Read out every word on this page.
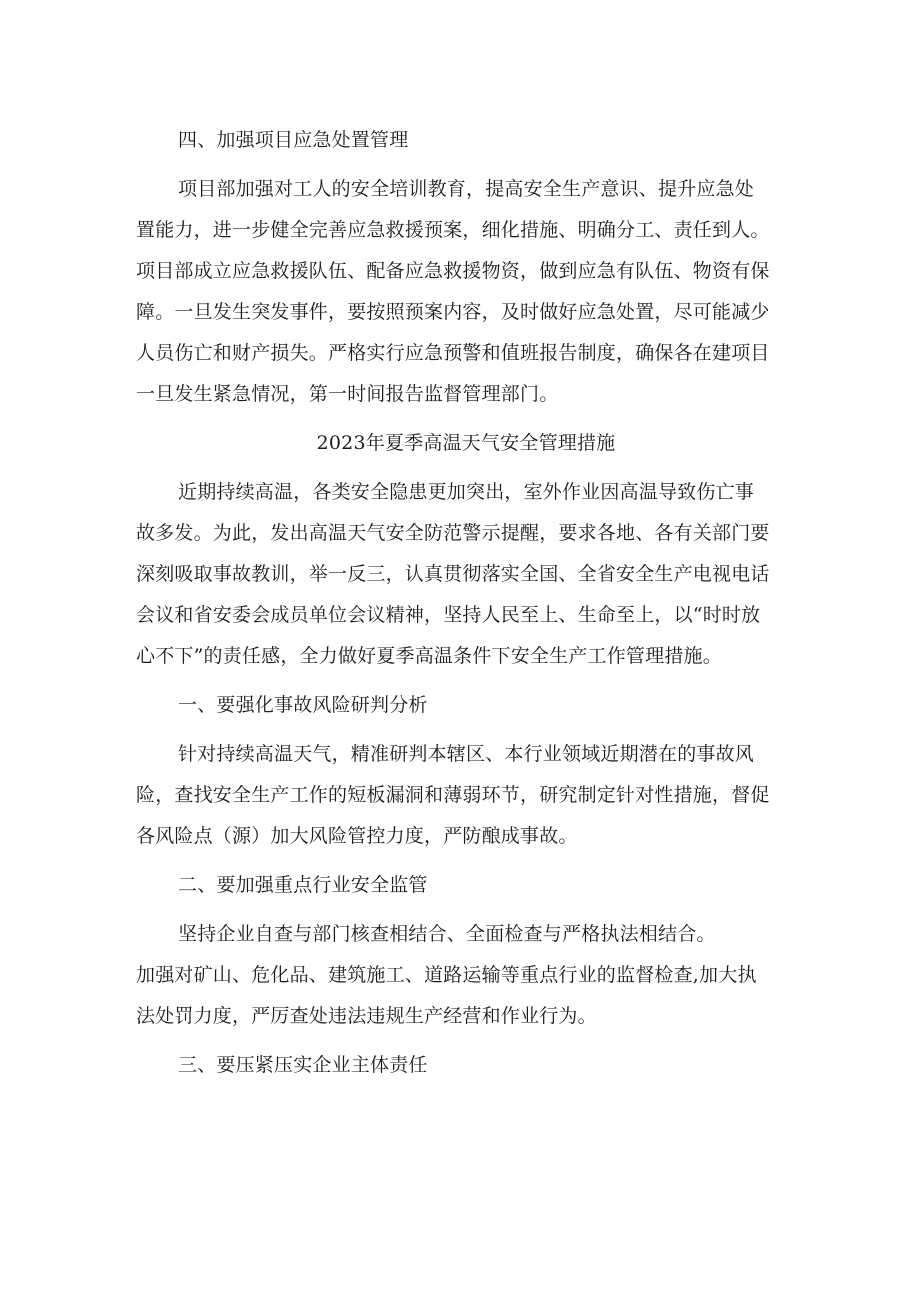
四、加强项目应急处置管理
项目部加强对工人的安全培训教育，提高安全生产意识、提升应急处
置能力，进一步健全完善应急救援预案，细化措施、明确分工、责任到人。
项目部成立应急救援队伍、配备应急救援物资，做到应急有队伍、物资有保
障。一旦发生突发事件，要按照预案内容，及时做好应急处置，尽可能减少
人员伤亡和财产损失。严格实行应急预警和值班报告制度，确保各在建项目
一旦发生紧急情况，第一时间报告监督管理部门。
2023年夏季高温天气安全管理措施
近期持续高温，各类安全隐患更加突出，室外作业因高温导致伤亡事
故多发。为此，发出高温天气安全防范警示提醒，要求各地、各有关部门要
深刻吸取事故教训，举一反三，认真贯彻落实全国、全省安全生产电视电话
会议和省安委会成员单位会议精神，坚持人民至上、生命至上，以“时时放
心不下”的责任感，全力做好夏季高温条件下安全生产工作管理措施。
一、要强化事故风险研判分析
针对持续高温天气，精准研判本辖区、本行业领域近期潜在的事故风
险，查找安全生产工作的短板漏洞和薄弱环节，研究制定针对性措施，督促
各风险点（源）加大风险管控力度，严防酿成事故。
二、要加强重点行业安全监管
坚持企业自查与部门核查相结合、全面检查与严格执法相结合。
加强对矿山、危化品、建筑施工、道路运输等重点行业的监督检查,加大执
法处罚力度，严厉查处违法违规生产经营和作业行为。
三、要压紧压实企业主体责任
